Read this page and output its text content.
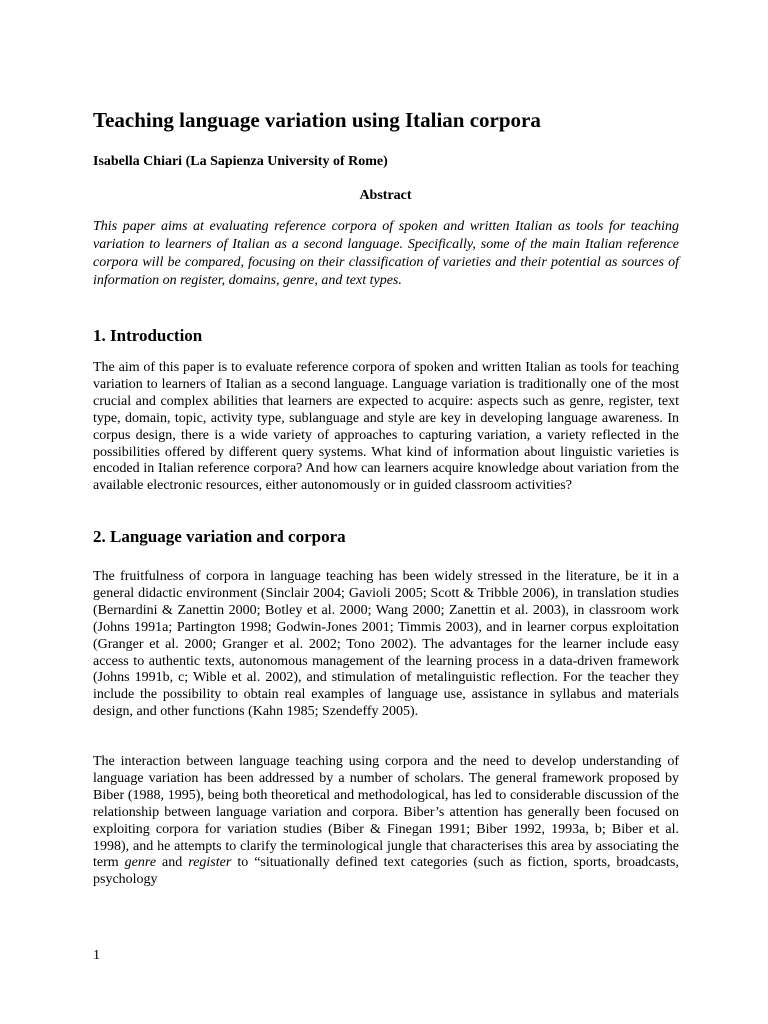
Teaching language variation using Italian corpora
Isabella Chiari (La Sapienza University of Rome)
Abstract

This paper aims at evaluating reference corpora of spoken and written Italian as tools for teaching variation to learners of Italian as a second language. Specifically, some of the main Italian reference corpora will be compared, focusing on their classification of varieties and their potential as sources of information on register, domains, genre, and text types.

1. Introduction

The aim of this paper is to evaluate reference corpora of spoken and written Italian as tools for teaching variation to learners of Italian as a second language. Language variation is traditionally one of the most crucial and complex abilities that learners are expected to acquire: aspects such as genre, register, text type, domain, topic, activity type, sublanguage and style are key in developing language awareness. In corpus design, there is a wide variety of approaches to capturing variation, a variety reflected in the possibilities offered by different query systems. What kind of information about linguistic varieties is encoded in Italian reference corpora? And how can learners acquire knowledge about variation from the available electronic resources, either autonomously or in guided classroom activities?

2. Language variation and corpora

The fruitfulness of corpora in language teaching has been widely stressed in the literature, be it in a general didactic environment (Sinclair 2004; Gavioli 2005; Scott & Tribble 2006), in translation studies (Bernardini & Zanettin 2000; Botley et al. 2000; Wang 2000; Zanettin et al. 2003), in classroom work (Johns 1991a; Partington 1998; Godwin-Jones 2001; Timmis 2003), and in learner corpus exploitation (Granger et al. 2000; Granger et al. 2002; Tono 2002). The advantages for the learner include easy access to authentic texts, autonomous management of the learning process in a data-driven framework (Johns 1991b, c; Wible et al. 2002), and stimulation of metalinguistic reflection. For the teacher they include the possibility to obtain real examples of language use, assistance in syllabus and materials design, and other functions (Kahn 1985; Szendeffy 2005).

The interaction between language teaching using corpora and the need to develop understanding of language variation has been addressed by a number of scholars. The general framework proposed by Biber (1988, 1995), being both theoretical and methodological, has led to considerable discussion of the relationship between language variation and corpora. Biber’s attention has generally been focused on exploiting corpora for variation studies (Biber & Finegan 1991; Biber 1992, 1993a, b; Biber et al. 1998), and he attempts to clarify the terminological jungle that characterises this area by associating the term genre and register to “situationally defined text categories (such as fiction, sports, broadcasts, psychology

1
